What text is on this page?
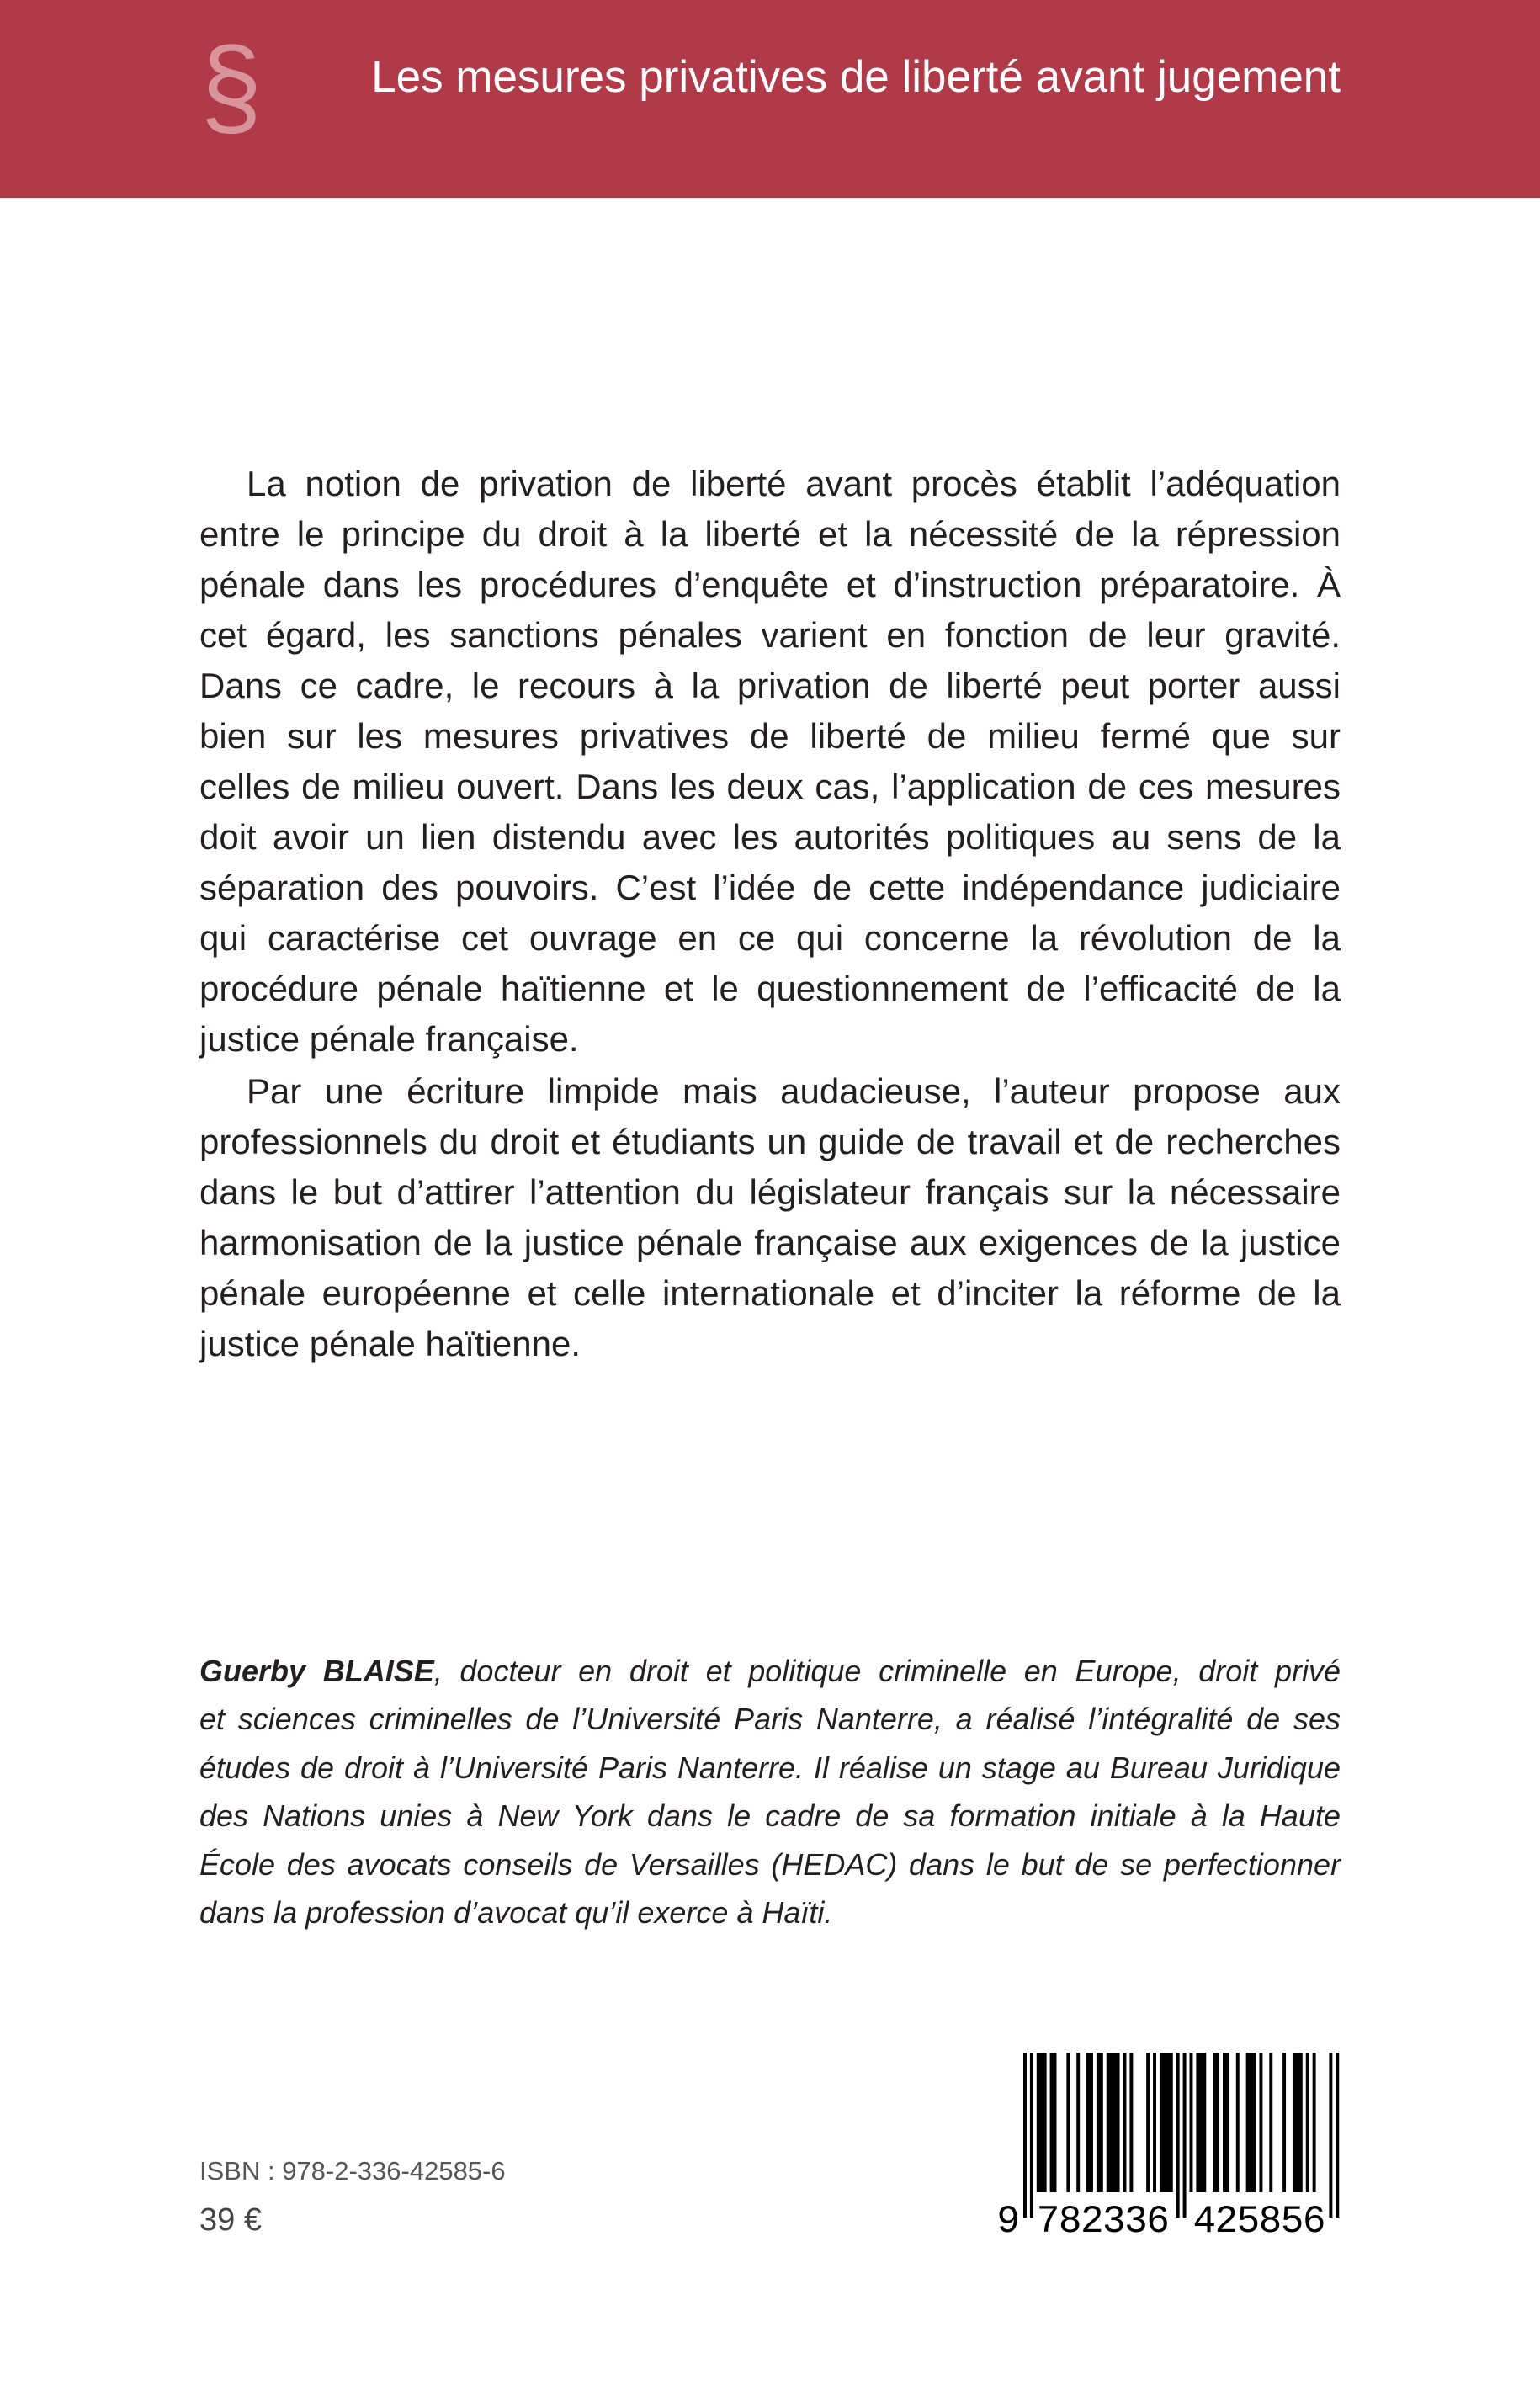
§ Les mesures privatives de liberté avant jugement
La notion de privation de liberté avant procès établit l’adéquation
entre le principe du droit à la liberté et la nécessité de la répression
pénale dans les procédures d’enquête et d’instruction préparatoire. À
cet égard, les sanctions pénales varient en fonction de leur gravité.
Dans ce cadre, le recours à la privation de liberté peut porter aussi
bien sur les mesures privatives de liberté de milieu fermé que sur
celles de milieu ouvert. Dans les deux cas, l’application de ces mesures
doit avoir un lien distendu avec les autorités politiques au sens de la
séparation des pouvoirs. C’est l’idée de cette indépendance judiciaire
qui caractérise cet ouvrage en ce qui concerne la révolution de la
procédure pénale haïtienne et le questionnement de l’efficacité de la
justice pénale française.
Par une écriture limpide mais audacieuse, l’auteur propose aux
professionnels du droit et étudiants un guide de travail et de recherches
dans le but d’attirer l’attention du législateur français sur la nécessaire
harmonisation de la justice pénale française aux exigences de la justice
pénale européenne et celle internationale et d’inciter la réforme de la
justice pénale haïtienne.
Guerby BLAISE, docteur en droit et politique criminelle en Europe, droit privé
et sciences criminelles de l’Université Paris Nanterre, a réalisé l’intégralité de ses
études de droit à l’Université Paris Nanterre. Il réalise un stage au Bureau Juridique
des Nations unies à New York dans le cadre de sa formation initiale à la Haute
École des avocats conseils de Versailles (HEDAC) dans le but de se perfectionner
dans la profession d’avocat qu’il exerce à Haïti.
ISBN : 978-2-336-42585-6
39 €	9 782336 425856
